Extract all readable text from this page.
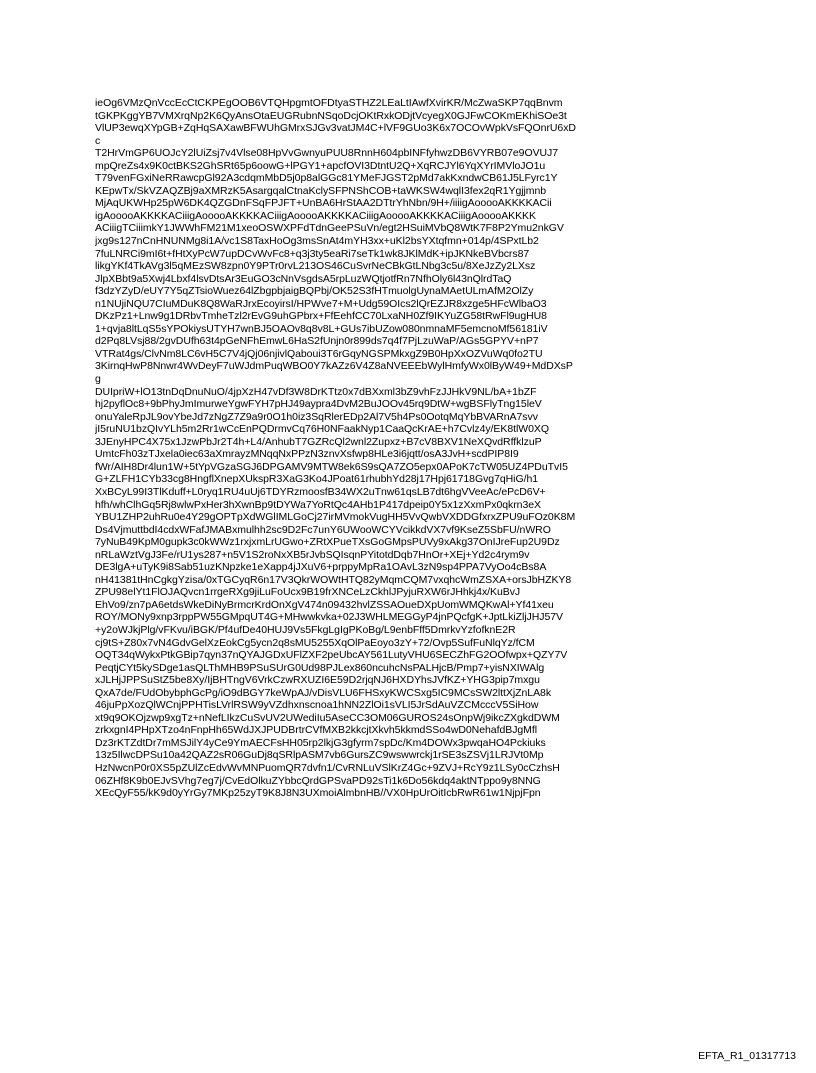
ieOg6VMzQnVccEcCtCKPEgOOB6VTQHpgmtOFDtyaSTHZ2LEaLtIAwfXvirKR/McZwaSKP7qqBnvm
tGKPKggYB7VMXrqNp2K6QyAnsOtaEUGRubnNSqoDcjOKtRxkODjtVcyegX0GJFwCOKmEKhiSOe3t
VlUP3ewqXYpGB+ZqHqSAXawBFWUhGMrxSJGv3vatJM4C+lVF9GUo3K6x7OCOvWpkVsFQOnrU6xD
c
T2HrVmGP6UOJcY2lUiZsj7v4Vlse08HpVvGwnyuPUU8RnnH604pbINFfyhwzDB6VYRB07e9OVUJ7
mpQreZs4x9K0ctBKS2GhSRt65p6oowG+lPGY1+apcfOVI3DtntU2Q+XqRCJYl6YqXYrIMVloJO1u
T79venFGxiNeRRawcpGl92A3cdqmMbD5j0p8alGGc81YMeFJGST2pMd7akKxndwCB61J5LFyrc1Y
KEpwTx/SkVZAQZBj9aXMRzK5AsargqalCtnaKclySFPNShCOB+taWKSW4wqlI3fex2qR1Ygjjmnb
MjAqUKWHp25pW6DK4QZGDnFSqFPJFT+UnBA6HrStAA2DTtrYhNbn/9H+/iiiigAooooAKKKKACii
igAooooAKKKKACiiigAooooAKKKKACiiigAooooAKKKKACiiigAooooAKKKKACiiigAooooAKKKK
ACiiigTCiiimkY1JWWhFM21M1xeoOSWXPFdTdnGeePSuVn/egt2HSuiMVbQ8WtK7F8P2Ymu2nkGV
jxg9s127nCnHNUNMg8i1A/vc1S8TaxHoOg3msSnAt4mYH3xx+uKl2bsYXtqfmn+014p/4SPxtLb2
7fuLNRCi9mI6t+fHtXyPcW7upDCvWvFc8+q3j3ty5eaRi7seTk1wk8JKlMdK+ipJKNkeBVbcrs87
likgYKf4TkAVg3l5qMEzSW8zpn0Y9PTr0rvL213OS46CuSvrNeCBkGtLNbg3c5u/8XeJzZy2LXsz
JlpXBbt9a5Xwj4Lbxf4lsvDtsAr3EuGO3cNnVsgdsA5rpLuzWQtjotfRn7NfhOly6l43nQlrdTaQ
f3dzYZyD/eUY7Y5qZTsioWuez64lZbgpbjaigBQPbj/OK52S3fHTmuolgUynaMAetULmAfM2OlZy
n1NUjiNQU7CIuMDuK8Q8WaRJrxEcoyirsI/HPWve7+M+Udg59OIcs2lQrEZJR8xzge5HFcWlbaO3
DKzPz1+Lnw9g1DRbvTmheTzl2rEvG9uhGPbrx+FfEehfCC70LxaNH0Zf9IKYuZG58tRwFl9ugHU8
1+qvja8ltLqS5sYPOkiysUTYH7wnBJ5OAOv8q8v8L+GUs7ibUZow080nmnaMF5emcnoMf56181iV
d2Pq8LVsj88/2gvDUfh63t4pGeNFhEmwL6HaS2fUnjn0r899ds7q4f7PjLzuWaP/AGs5GPYV+nP7
VTRat4gs/ClvNm8LC6vH5C7V4jQj06njivlQaboui3T6rGqyNGSPMkxgZ9B0HpXxOZVuWq0fo2TU
3KirnqHwP8Nnwr4WvDeyF7uWJdmPuqWBO0Y7kAZz6V4Z8aNVEEEbWylHmfyWx0lByW49+MdDXsP
g
DUIpriW+lO13tnDqDnuNuO/4jpXzH47vDf3W8DrKTtz0x7dBXxml3bZ9vhFzJJHkV9NL/bA+1bZF
hj2pyflOc8+9bPhyJmImurweYgwFYH7pHJ49aypra4DvM2BuJOOv45rq9DtW+wgBSFlyTng15leV
onuYaleRpJL9ovYbeJd7zNgZ7Z9a9r0O1h0iz3SqRlerEDp2Al7V5h4Ps0OotqMqYbBVARnA7svv
jI5ruNU1bzQIvYLh5m2Rr1wCcEnPQDrmvCq76H0NFaakNyp1CaaQcKrAE+h7Cvlz4y/EK8tlW0XQ
3JEnyHPC4X75x1JzwPbJr2T4h+L4/AnhubT7GZRcQl2wnl2Zupxz+B7cV8BXV1NeXQvdRffklzuP
UmtcFh03zTJxela0iec63aXmrayzMNqqNxPPzN3znvXsfwp8HLe3i6jqtt/osA3JvH+scdPIP8I9
fWr/AIH8Dr4lun1W+5tYpVGzaSGJ6DPGAMV9MTW8ek6S9sQA7ZO5epx0APoK7cTW05UZ4PDuTvI5
G+ZLFH1CYb33cg8HngflXnepXUkspR3XaG3Ko4JPoat61rhubhYd28j17Hpj61718Gvg7qHiG/h1
XxBCyL99I3TlKduff+L0ryq1RU4uUj6TDYRzmoosfB34WX2uTnw61qsLB7dt6hgVVeeAc/ePcD6V+
hfh/whClhGq5Rj8wlwPxHer3hXwnBp9tDYWa7YoRtQc4AHb1P417dpeip0Y5x1zXxmPx0qkrn3eX
YBU1ZHP2uhRu0e4Y29gOPTpXdWGlIMLGoCj27irMVmokVugHH5VvQwbVXDDGfxrxZPU9uFOz0K8M
Ds4VjmuttbdI4cdxWFafJMABxmulhh2sc9D2Fc7unY6UWooWCYVcikkdVX7vf9KseZ5SbFU/nWRO
7yNuB49KpM0gupk3c0kWWz1rxjxmLrUGwo+ZRtXPueTXsGoGMpsPUVy9xAkg37OnIJreFup2U9Dz
nRLaWztVgJ3Fe/rU1ys287+n5V1S2roNxXB5rJvbSQIsqnPYitotdDqb7HnOr+XEj+Yd2c4rym9v
DE3lgA+uTyK9i8Sab51uzKNpzke1eXapp4jJXuV6+prppyMpRa1OAvL3zN9sp4PPA7VyOo4cBs8A
nH41381tHnCgkgYzisa/0xTGCyqR6n17V3QkrWOWtHTQ82yMqmCQM7vxqhcWmZSXA+orsJbHZKY8
ZPU98elYt1FlOJAQvcn1rrgeRXg9jiLuFoUcx9B19frXNCeLzCkhlJPyjuRXW6rJHhkj4x/KuBvJ
EhVo9/zn7pA6etdsWkeDiNyBrmcrKrdOnXgV474n09432hvlZSSAOueDXpUomWMQKwAl+Yf41xeu
ROY/MONy9xnp3rppPW55GMpqUT4G+MHwwkvka+02J3WHLMEGGyP4jnPQcfgK+JptLkiZljJHJ57V
+y2oWJkjPlg/vFKvu/iBGK/Pf4ufDe40HUJ9Vs5FkgLgIgPKoBg/L9enbFff5DmrkvYzfofknE2R
cj9tS+Z80x7vN4GdvGelXzEokCg5ycn2q8sMU5255XqOlPaEoyo3zY+72/Ovp5SufFuNlqYz/fCM
OQT34qWykxPtkGBip7qyn37nQYAJGDxUFlZXF2peUbcAY561LutyVHU6SECZhFG2OOfwpx+QZY7V
PeqtjCYt5kySDge1asQLThMHB9PSuSUrG0Ud98PJLex860ncuhcNsPALHjcB/Pmp7+yisNXIWAlg
xJLHjJPPSuStZ5be8Xy/IjBHTngV6VrkCzwRXUZI6E59D2rjqNJ6HXDYhsJVfKZ+YHG3pip7mxgu
QxA7de/FUdObybphGcPg/iO9dBGY7keWpAJ/vDisVLU6FHSxyKWCSxg5IC9MCsSW2lttXjZnLA8k
46juPpXozQlWCnjPPHTisLVrlRSW9yVZdhxnscnoa1hNN2ZlOi1sVLI5JrSdAuVZCMcccV5SiHow
xt9q9OKOjzwp9xgTz+nNefLIkzCuSvUV2UWediIu5AseCC3OM06GUROS24sOnpWj9ikcZXgkdDWM
zrkxgnI4PHpXTzo4nFnpHh65WdJXJPUDBrtrCVfMXB2kkcjtXkvh5kkmdSSo4wD0NehafdBJgMfl
Dz3rKTZdtDr7mMSJilY4yCe9YmAECFsHH05rp2lkjG3gfyrm7spDc/Km4DOWx3pwqaHO4Pckiuks
13z5IlwcDPSu10a42QAZ2sR06GuDj8qSRlpASM7vb6GursZC9wswwrckj1rSE3sZSVj1LRJVt0Mp
HzNwcnP0r0XS5pZUlZcEdvWvMNPuomQR7dvfn1/CvRNLuVSlKrZ4Gc+9ZVJ+RcY9z1LSy0cCzhsH
06ZHf8K9b0EJvSVhg7eg7j/CvEdOlkuZYbbcQrdGPSvaPD92sTi1k6Do56kdq4aktNTppo9y8NNG
XEcQyF55/kK9d0yYrGy7MKp25zyT9K8J8N3UXmoiAlmbnHB//VX0HpUrOitIcbRwR61w1NjpjFpn
EFTA_R1_01317713
